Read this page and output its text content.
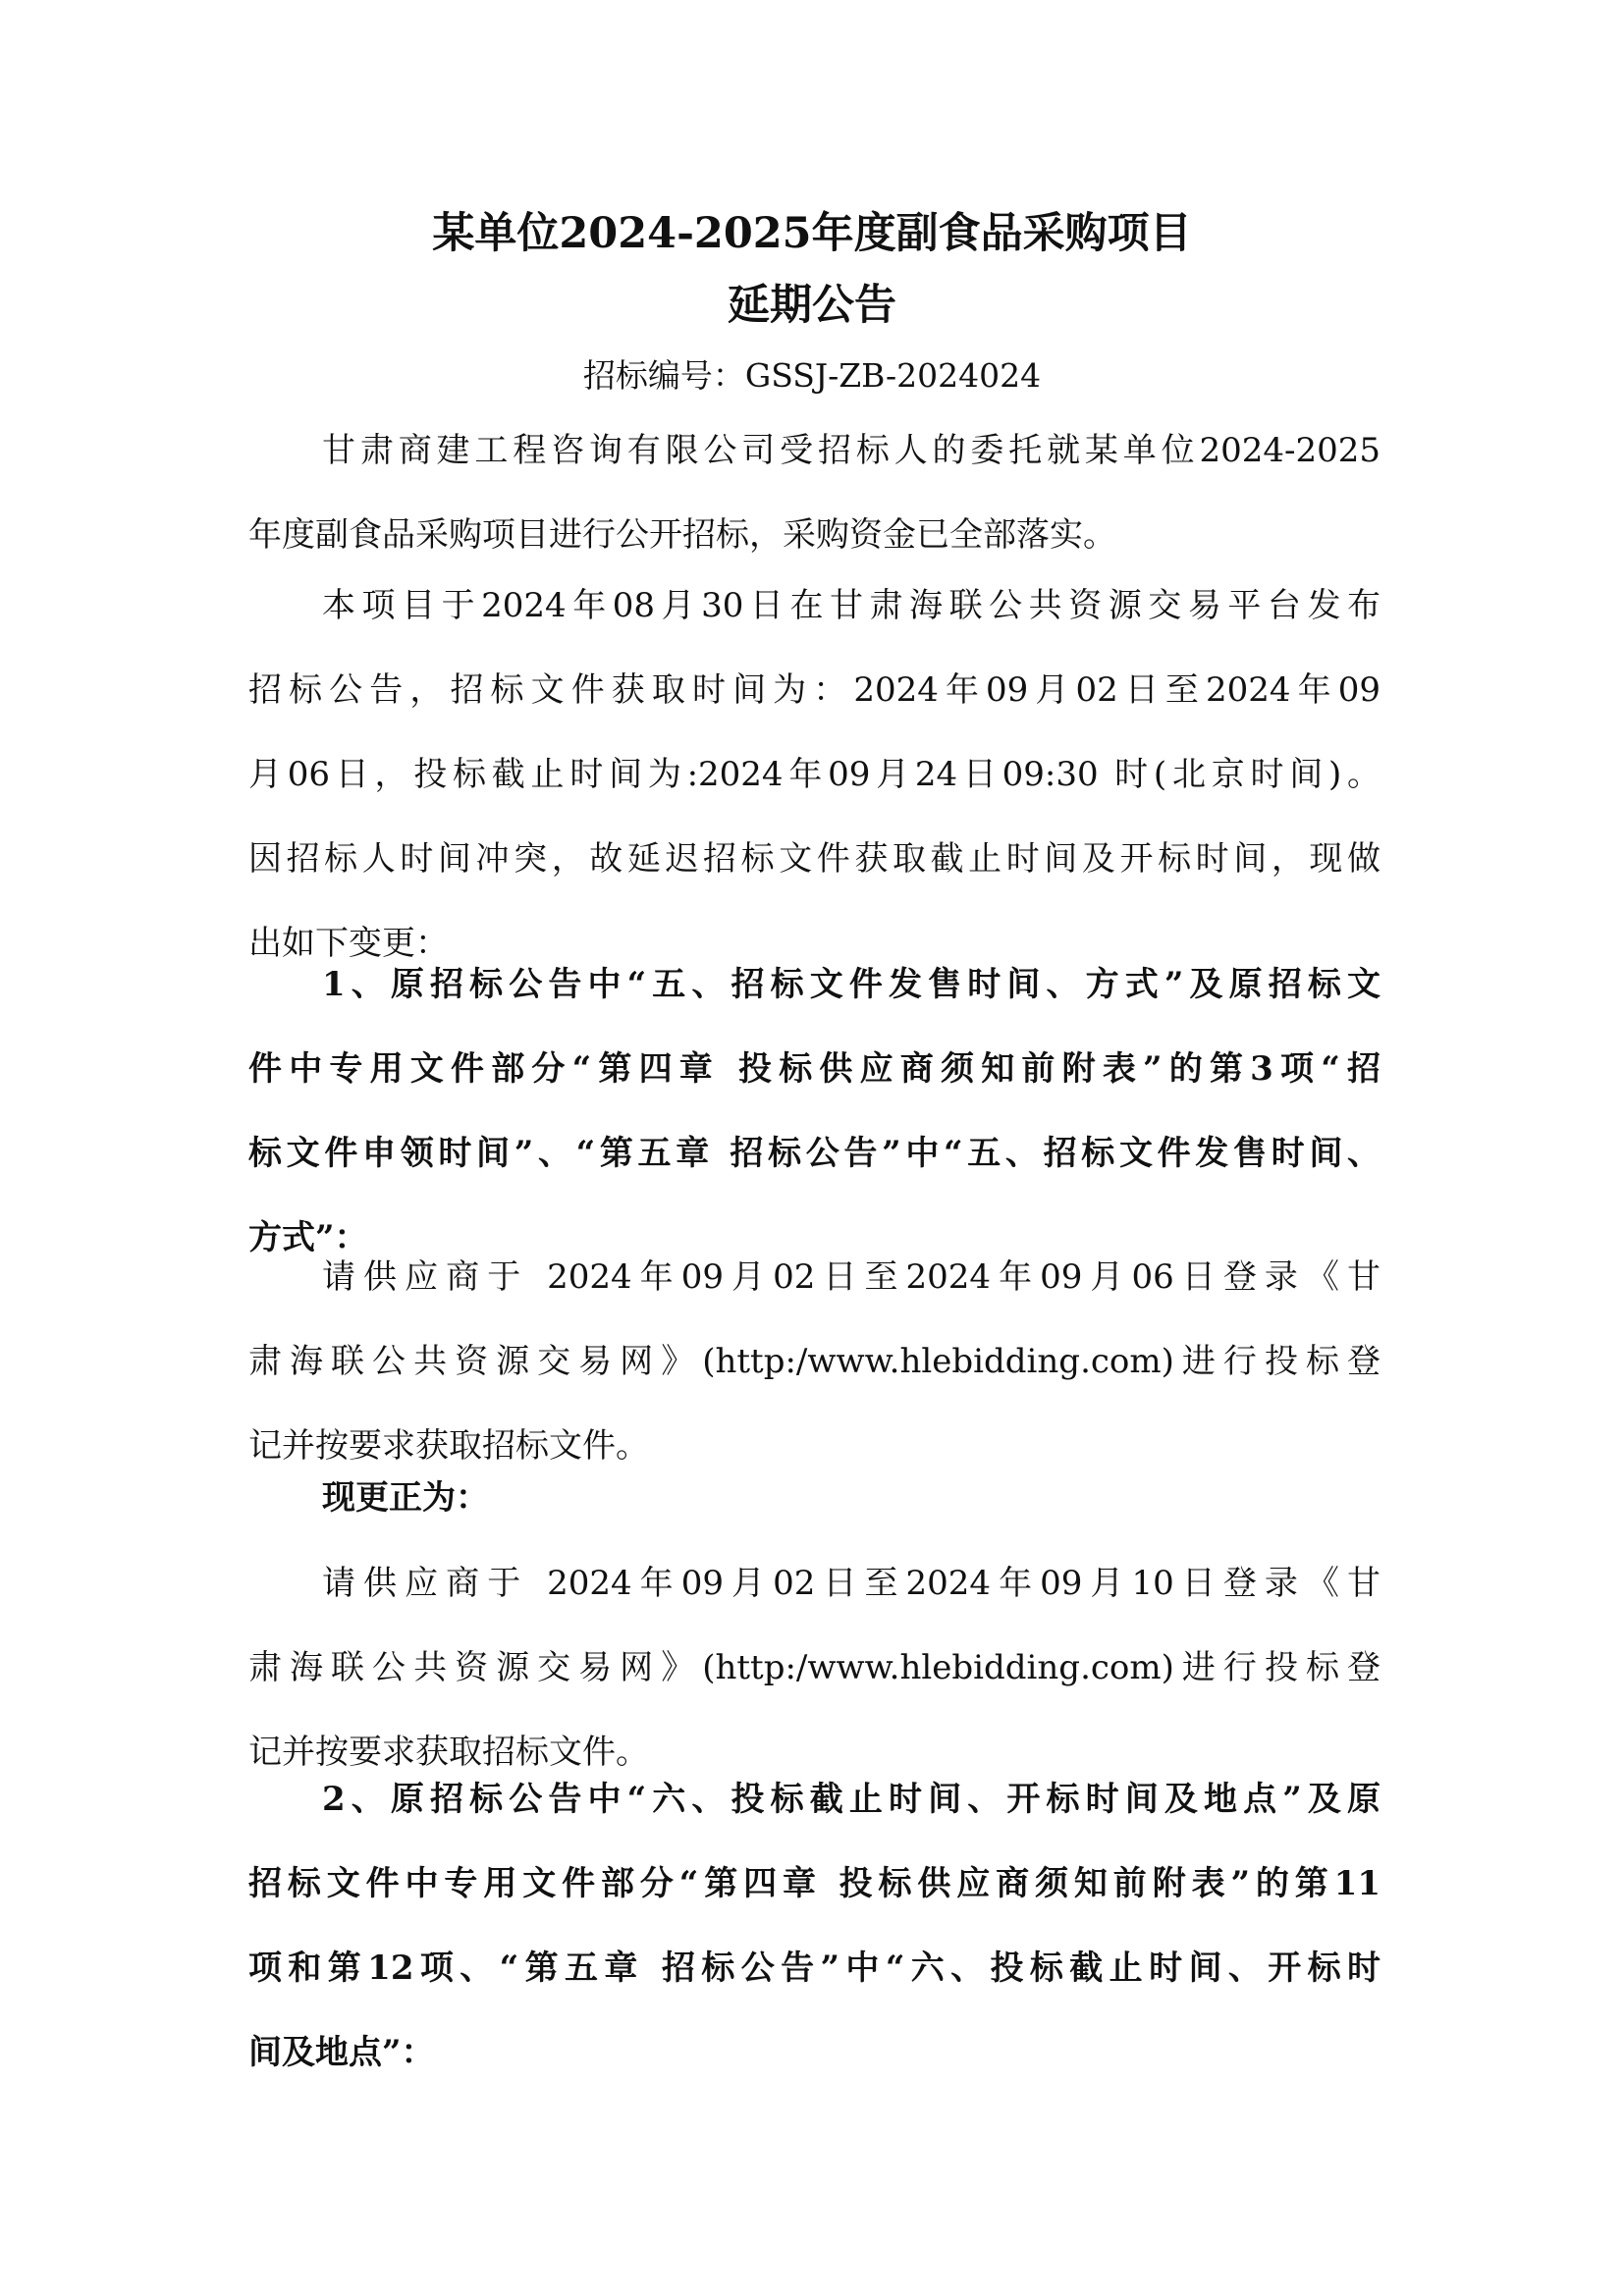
某单位2024-2025年度副食品采购项目
延期公告
招标编号：GSSJ-ZB-2024024
甘肃商建工程咨询有限公司受招标人的委托就某单位2024-2025
年度副食品采购项目进行公开招标，采购资金已全部落实。
本项目于2024年08月30日在甘肃海联公共资源交易平台发布
招标公告，招标文件获取时间为：2024年09月02日至2024年09
月06日，投标截止时间为:2024年09月24日09:30 时(北京时间)。
因招标人时间冲突，故延迟招标文件获取截止时间及开标时间，现做
出如下变更：
1、原招标公告中“五、招标文件发售时间、方式”及原招标文
件中专用文件部分“第四章 投标供应商须知前附表”的第3项“招
标文件申领时间”、“第五章 招标公告”中“五、招标文件发售时间、
方式”：
请供应商于 2024年09月02日至2024年09月06日登录《甘
肃海联公共资源交易网》(http:/www.hlebidding.com)进行投标登
记并按要求获取招标文件。
现更正为：
请供应商于 2024年09月02日至2024年09月10日登录《甘
肃海联公共资源交易网》(http:/www.hlebidding.com)进行投标登
记并按要求获取招标文件。
2、原招标公告中“六、投标截止时间、开标时间及地点”及原
招标文件中专用文件部分“第四章 投标供应商须知前附表”的第11
项和第12项、“第五章 招标公告”中“六、投标截止时间、开标时
间及地点”：
